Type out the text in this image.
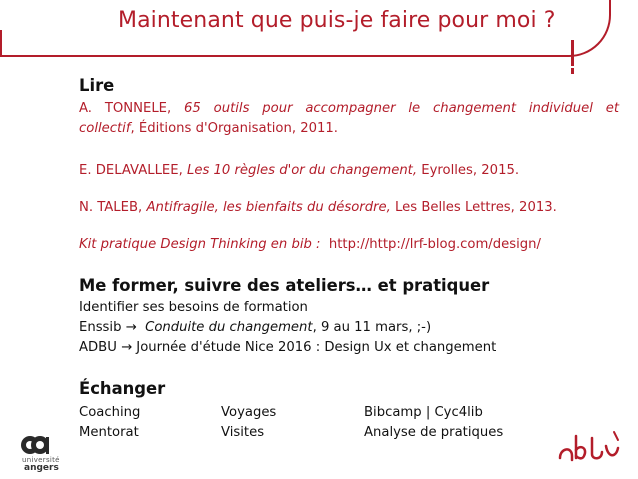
Maintenant que puis-je faire pour moi ?
Lire
A. TONNELE, 65 outils pour accompagner le changement individuel et
collectif, Éditions d'Organisation, 2011.
E. DELAVALLEE, Les 10 règles d'or du changement, Eyrolles, 2015.
N. TALEB, Antifragile, les bienfaits du désordre, Les Belles Lettres, 2013.
Kit pratique Design Thinking en bib : http://http://lrf-blog.com/design/
Me former, suivre des ateliers… et pratiquer
Identifier ses besoins de formation
Enssib → Conduite du changement, 9 au 11 mars, ;-)
ADBU → Journée d'étude Nice 2016 : Design Ux et changement
Échanger
Coaching
Mentorat
Voyages
Visites
Bibcamp | Cyc4lib
Analyse de pratiques
université
angers
